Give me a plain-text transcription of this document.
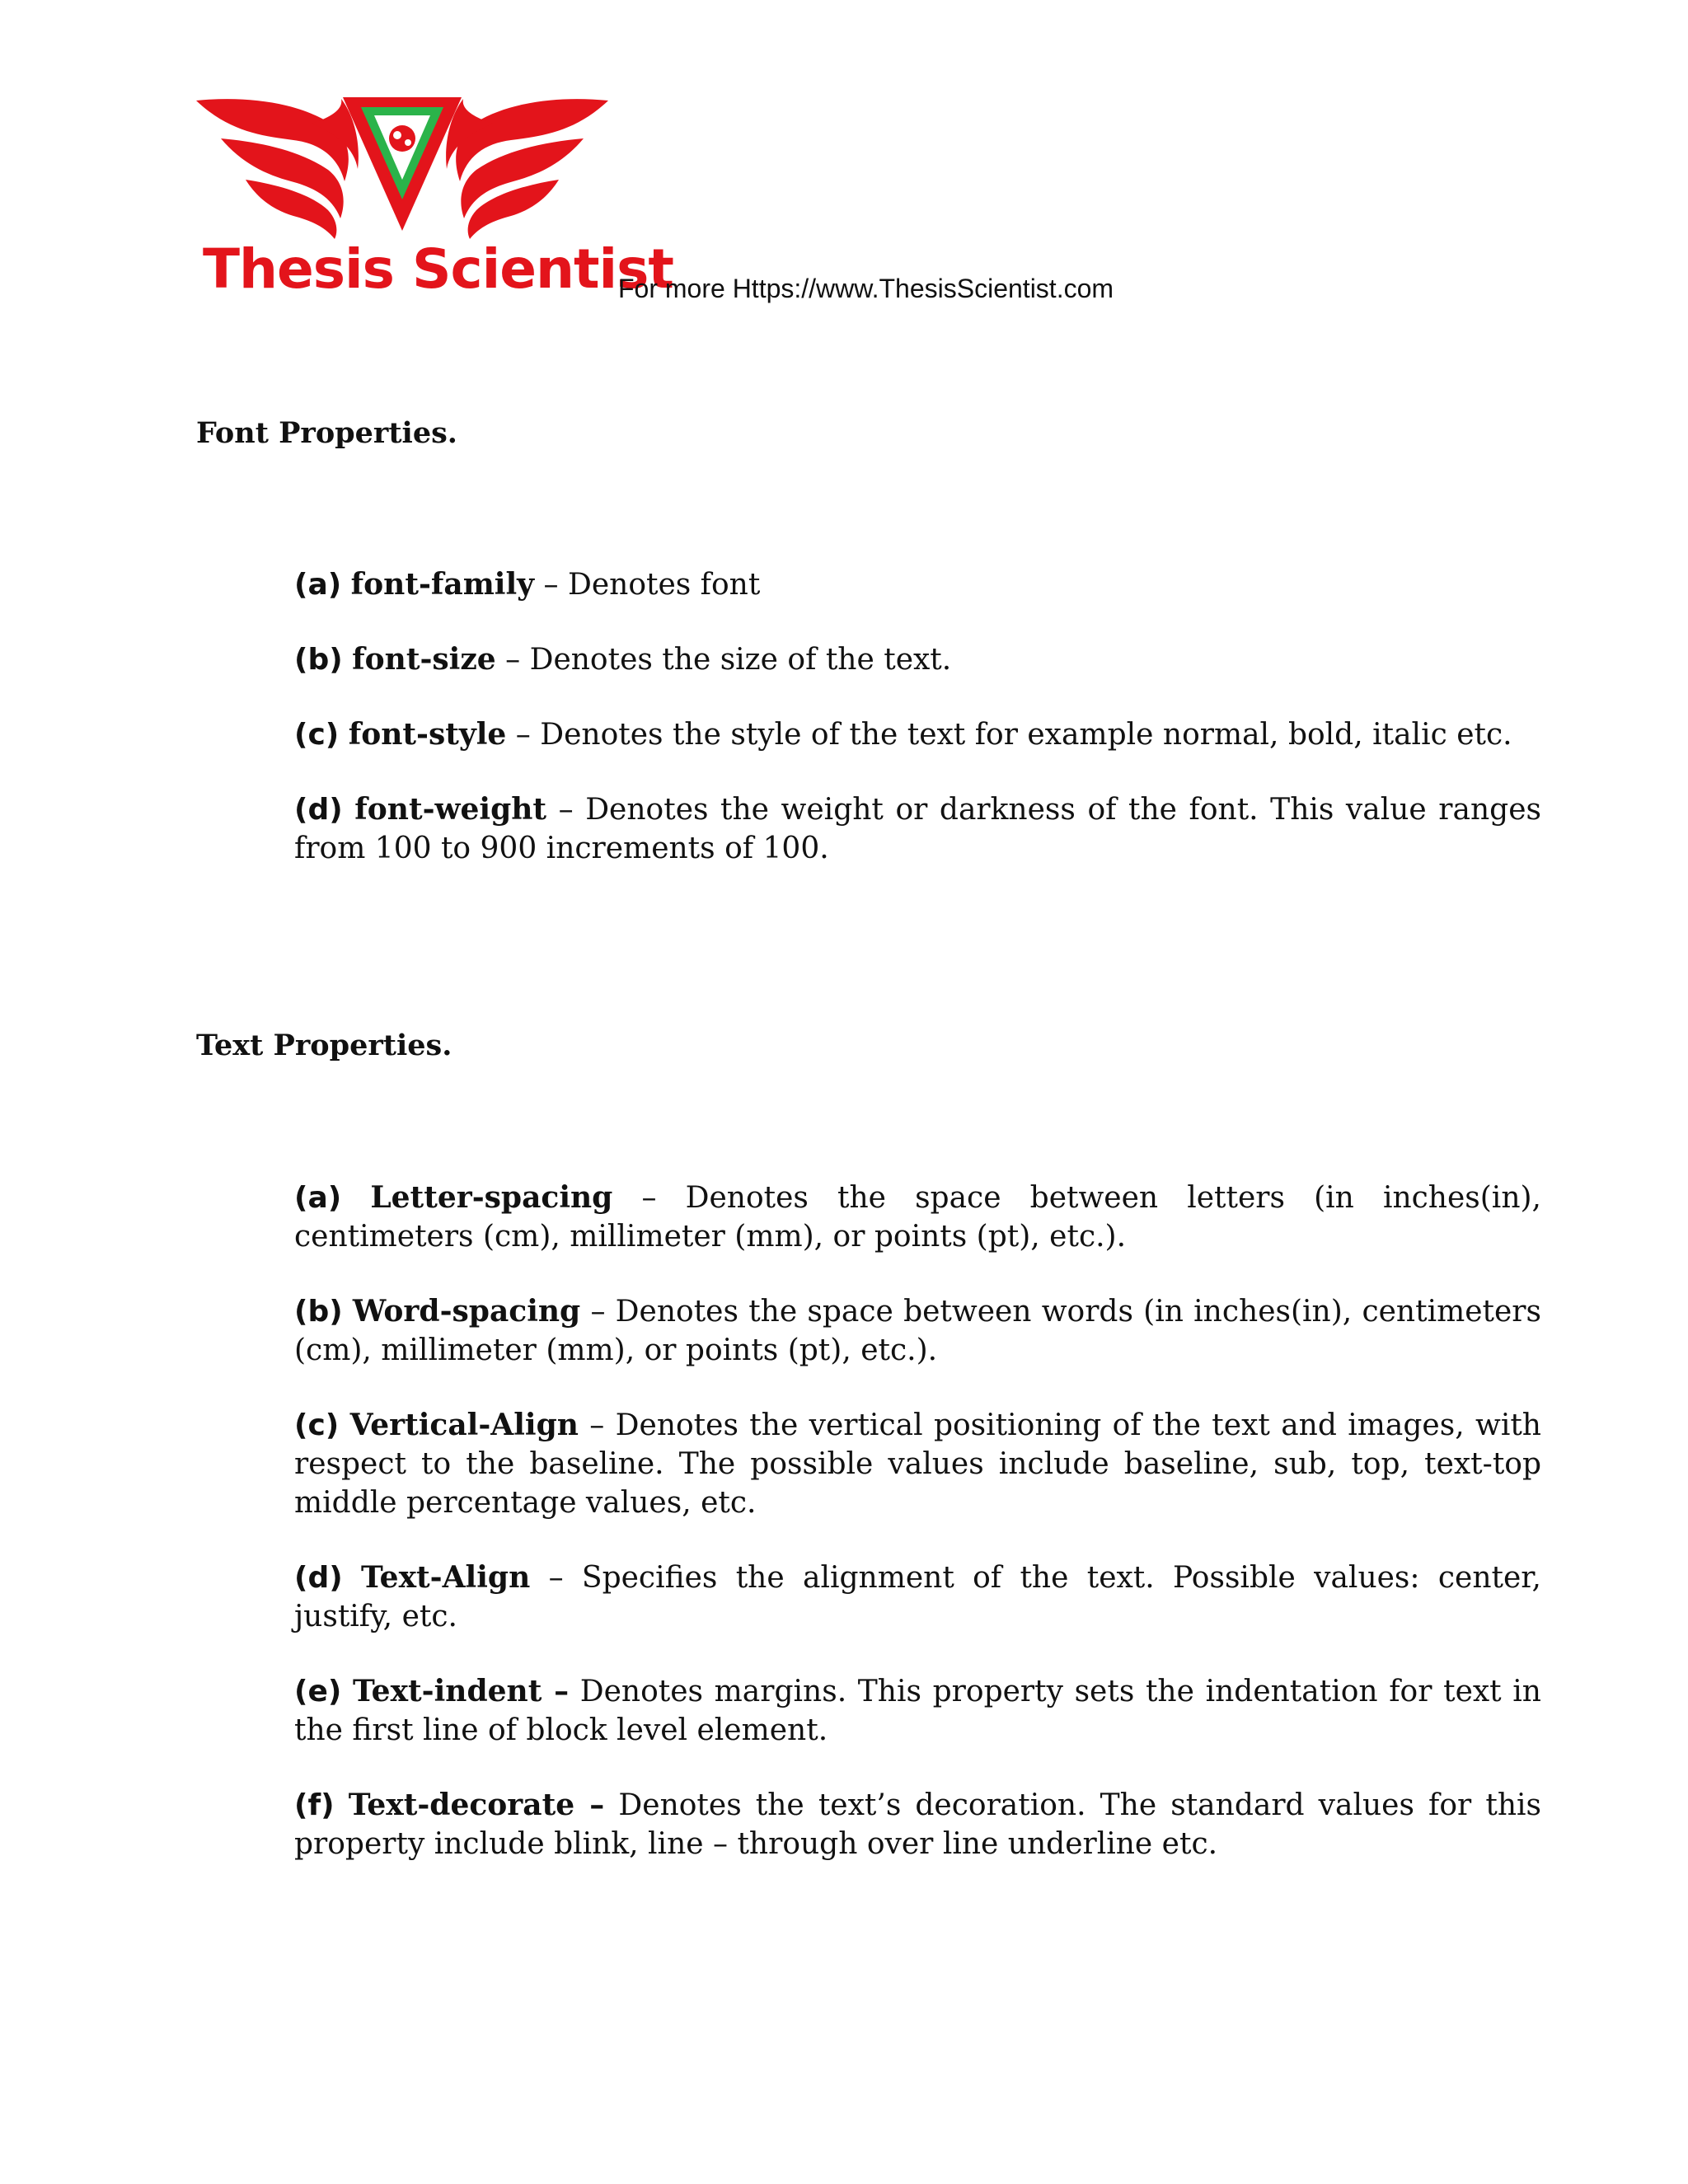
Thesis Scientist
For more Https://www.ThesisScientist.com
Font Properties.

(a) font-family – Denotes font

(b) font-size – Denotes the size of the text.

(c) font-style – Denotes the style of the text for example normal, bold, italic etc.

(d) font-weight – Denotes the weight or darkness of the font. This value ranges from 100 to 900 increments of 100.

Text Properties.

(a) Letter-spacing – Denotes the space between letters (in inches(in), centimeters (cm), millimeter (mm), or points (pt), etc.).

(b) Word-spacing – Denotes the space between words (in inches(in), centimeters (cm), millimeter (mm), or points (pt), etc.).

(c) Vertical-Align – Denotes the vertical positioning of the text and images, with respect to the baseline. The possible values include baseline, sub, top, text-top middle percentage values, etc.

(d) Text-Align – Specifies the alignment of the text. Possible values: center, justify, etc.

(e) Text-indent – Denotes margins. This property sets the indentation for text in the first line of block level element.

(f) Text-decorate – Denotes the text’s decoration. The standard values for this property include blink, line – through over line underline etc.
